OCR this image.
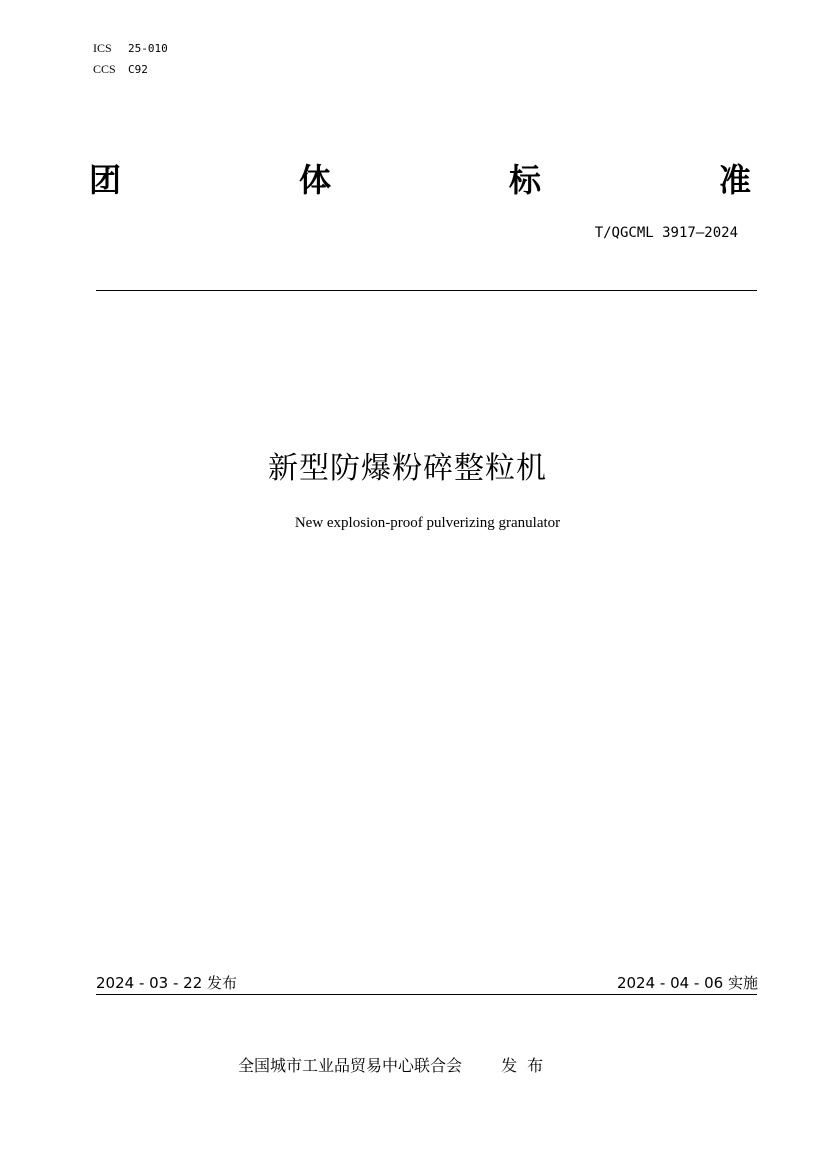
ICS 25-010
CCS C92
团	体	标	准
T/QGCML 3917—2024
新型防爆粉碎整粒机
New explosion-proof pulverizing granulator
2024 - 03 - 22 发布	2024 - 04 - 06 实施
全国城市工业品贸易中心联合会 发布
